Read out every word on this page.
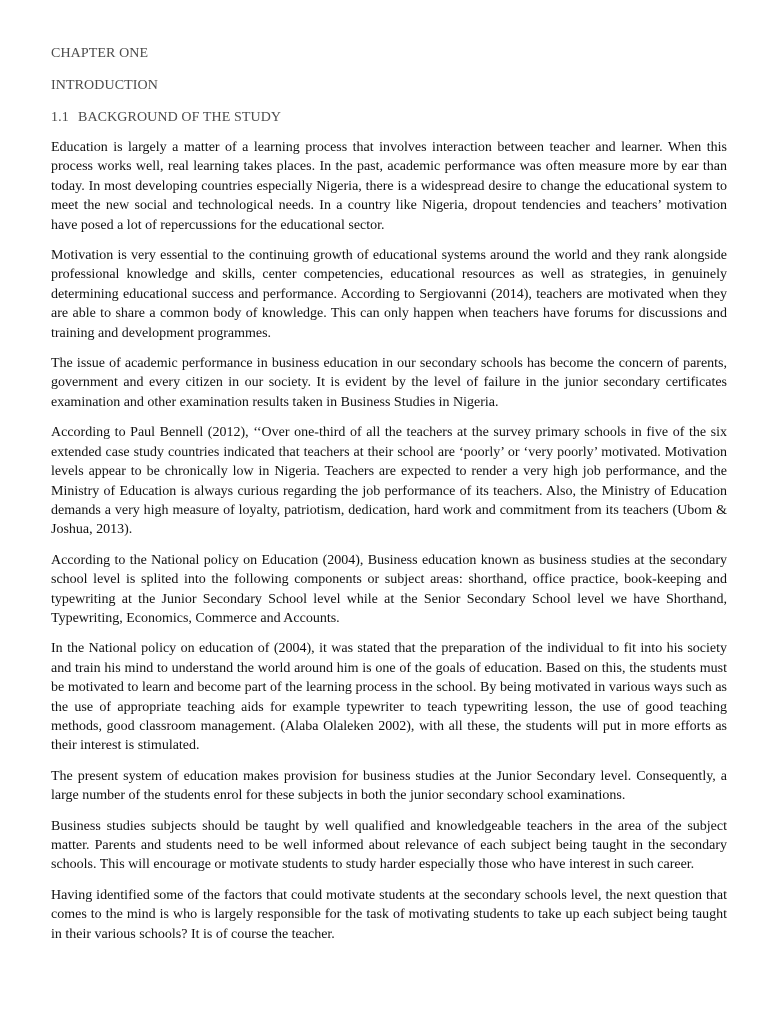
CHAPTER ONE
INTRODUCTION
1.1 BACKGROUND OF THE STUDY

Education is largely a matter of a learning process that involves interaction between teacher and learner. When this process works well, real learning takes places. In the past, academic performance was often measure more by ear than today. In most developing countries especially Nigeria, there is a widespread desire to change the educational system to meet the new social and technological needs. In a country like Nigeria, dropout tendencies and teachers’ motivation have posed a lot of repercussions for the educational sector.

Motivation is very essential to the continuing growth of educational systems around the world and they rank alongside professional knowledge and skills, center competencies, educational resources as well as strategies, in genuinely determining educational success and performance. According to Sergiovanni (2014), teachers are motivated when they are able to share a common body of knowledge. This can only happen when teachers have forums for discussions and training and development programmes.

The issue of academic performance in business education in our secondary schools has become the concern of parents, government and every citizen in our society. It is evident by the level of failure in the junior secondary certificates examination and other examination results taken in Business Studies in Nigeria.

According to Paul Bennell (2012), ‘‘Over one-third of all the teachers at the survey primary schools in five of the six extended case study countries indicated that teachers at their school are ‘poorly’ or ‘very poorly’ motivated. Motivation levels appear to be chronically low in Nigeria. Teachers are expected to render a very high job performance, and the Ministry of Education is always curious regarding the job performance of its teachers. Also, the Ministry of Education demands a very high measure of loyalty, patriotism, dedication, hard work and commitment from its teachers (Ubom & Joshua, 2013).

According to the National policy on Education (2004), Business education known as business studies at the secondary school level is splited into the following components or subject areas: shorthand, office practice, book-keeping and typewriting at the Junior Secondary School level while at the Senior Secondary School level we have Shorthand, Typewriting, Economics, Commerce and Accounts.

In the National policy on education of (2004), it was stated that the preparation of the individual to fit into his society and train his mind to understand the world around him is one of the goals of education. Based on this, the students must be motivated to learn and become part of the learning process in the school. By being motivated in various ways such as the use of appropriate teaching aids for example typewriter to teach typewriting lesson, the use of good teaching methods, good classroom management. (Alaba Olaleken 2002), with all these, the students will put in more efforts as their interest is stimulated.

The present system of education makes provision for business studies at the Junior Secondary level. Consequently, a large number of the students enrol for these subjects in both the junior secondary school examinations.

Business studies subjects should be taught by well qualified and knowledgeable teachers in the area of the subject matter. Parents and students need to be well informed about relevance of each subject being taught in the secondary schools. This will encourage or motivate students to study harder especially those who have interest in such career.

Having identified some of the factors that could motivate students at the secondary schools level, the next question that comes to the mind is who is largely responsible for the task of motivating students to take up each subject being taught in their various schools? It is of course the teacher.
